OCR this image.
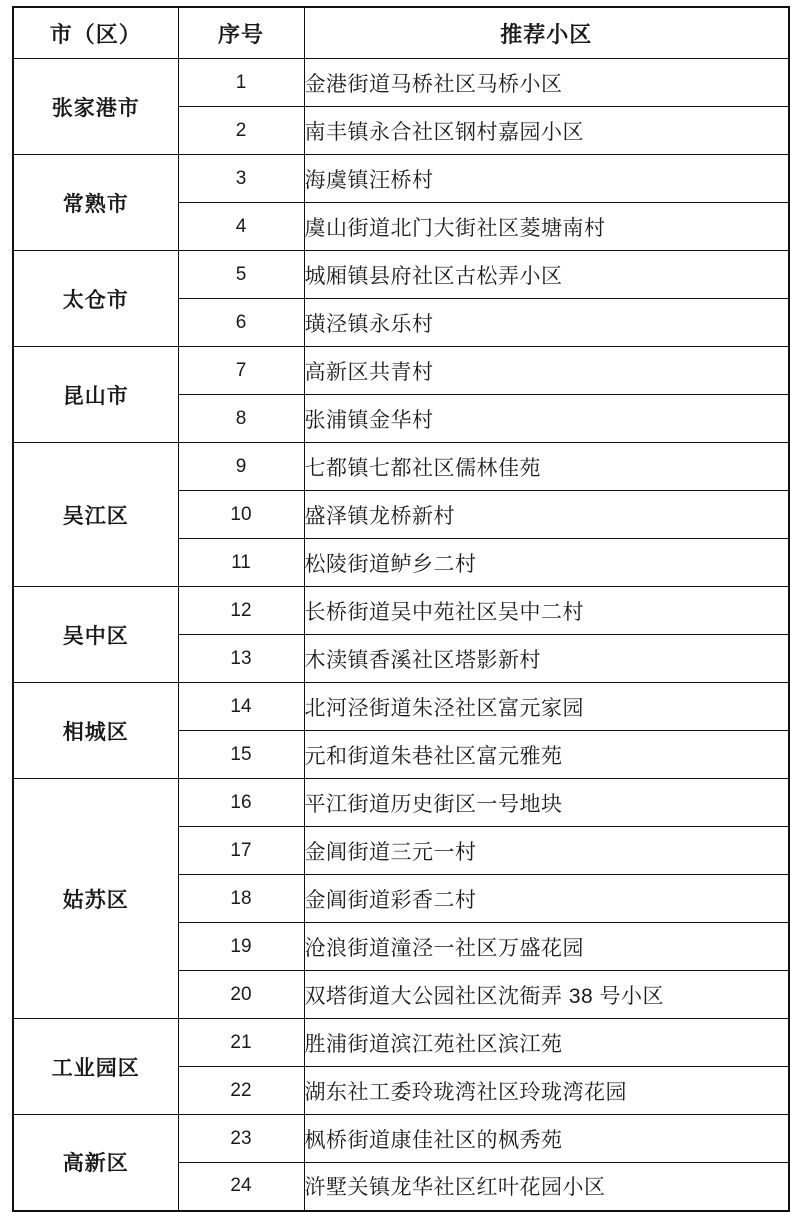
市（区）	序号	推荐小区
张家港市	1	金港街道马桥社区马桥小区
	2	南丰镇永合社区钢村嘉园小区
常熟市	3	海虞镇汪桥村
	4	虞山街道北门大街社区菱塘南村
太仓市	5	城厢镇县府社区古松弄小区
	6	璜泾镇永乐村
昆山市	7	高新区共青村
	8	张浦镇金华村
吴江区	9	七都镇七都社区儒林佳苑
	10	盛泽镇龙桥新村
	11	松陵街道鲈乡二村
吴中区	12	长桥街道吴中苑社区吴中二村
	13	木渎镇香溪社区塔影新村
相城区	14	北河泾街道朱泾社区富元家园
	15	元和街道朱巷社区富元雅苑
姑苏区	16	平江街道历史街区一号地块
	17	金阊街道三元一村
	18	金阊街道彩香二村
	19	沧浪街道潼泾一社区万盛花园
	20	双塔街道大公园社区沈衙弄 38 号小区
工业园区	21	胜浦街道滨江苑社区滨江苑
	22	湖东社工委玲珑湾社区玲珑湾花园
高新区	23	枫桥街道康佳社区的枫秀苑
	24	浒墅关镇龙华社区红叶花园小区
